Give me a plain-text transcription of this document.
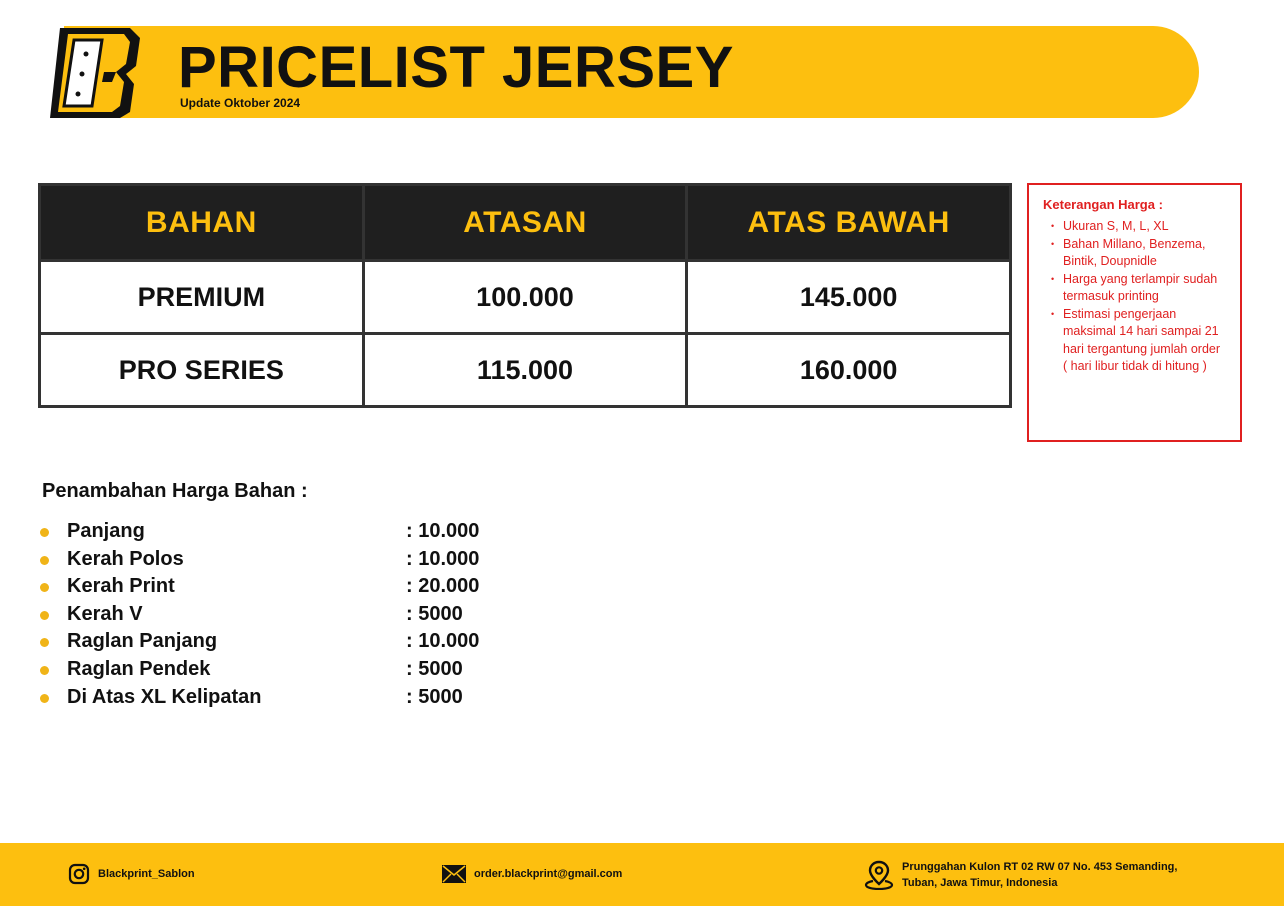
PRICELIST JERSEY
Update Oktober 2024
BAHAN	ATASAN	ATAS BAWAH
PREMIUM	100.000	145.000
PRO SERIES	115.000	160.000
Keterangan Harga :
• Ukuran S, M, L, XL
• Bahan Millano, Benzema, Bintik, Doupnidle
• Harga yang terlampir sudah termasuk printing
• Estimasi pengerjaan maksimal 14 hari sampai 21 hari tergantung jumlah order
( hari libur tidak di hitung )
Penambahan Harga Bahan :
Panjang	: 10.000
Kerah Polos	: 10.000
Kerah Print	: 20.000
Kerah V	: 5000
Raglan Panjang	: 10.000
Raglan Pendek	: 5000
Di Atas XL Kelipatan	: 5000
Blackprint_Sablon	order.blackprint@gmail.com
Prunggahan Kulon RT 02 RW 07 No. 453 Semanding,
Tuban, Jawa Timur, Indonesia
